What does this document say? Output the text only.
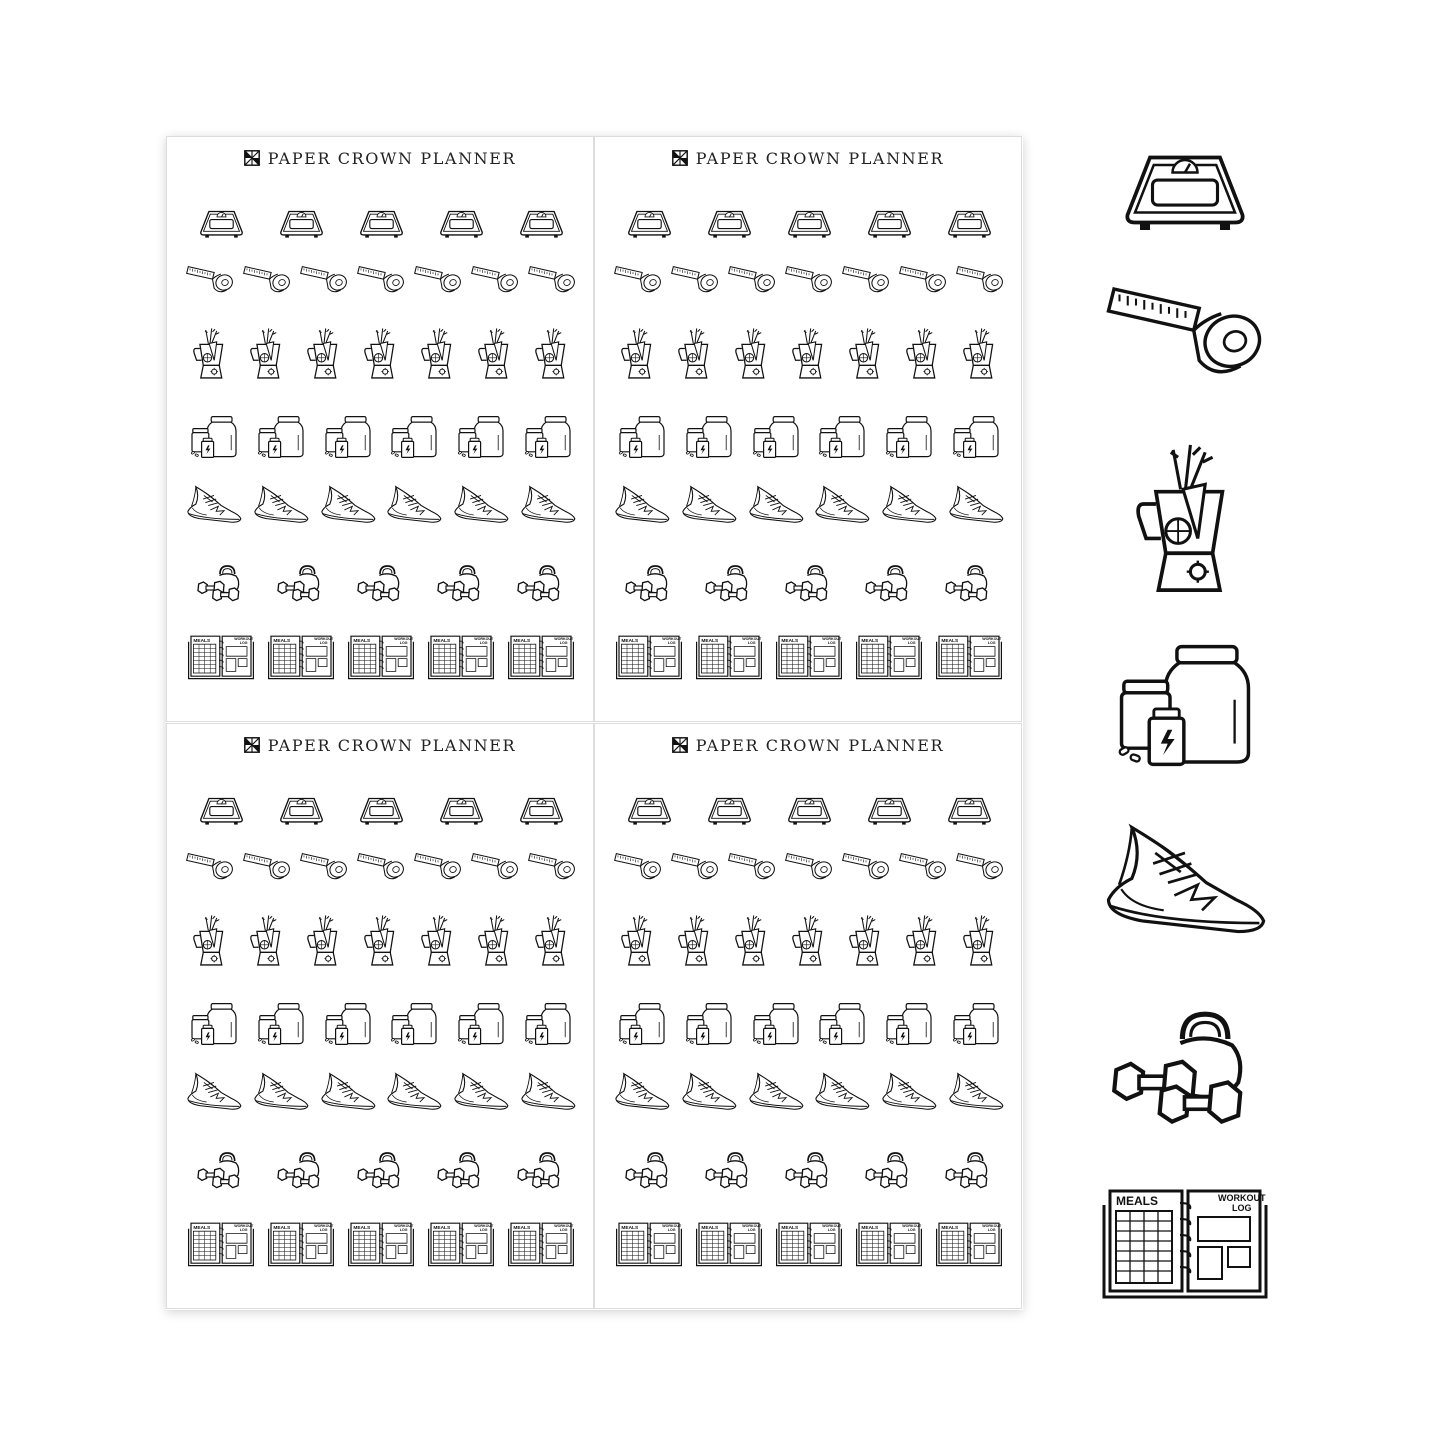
PAPER CROWN PLANNER	PAPER CROWN PLANNER
PAPER CROWN PLANNER	PAPER CROWN PLANNER
